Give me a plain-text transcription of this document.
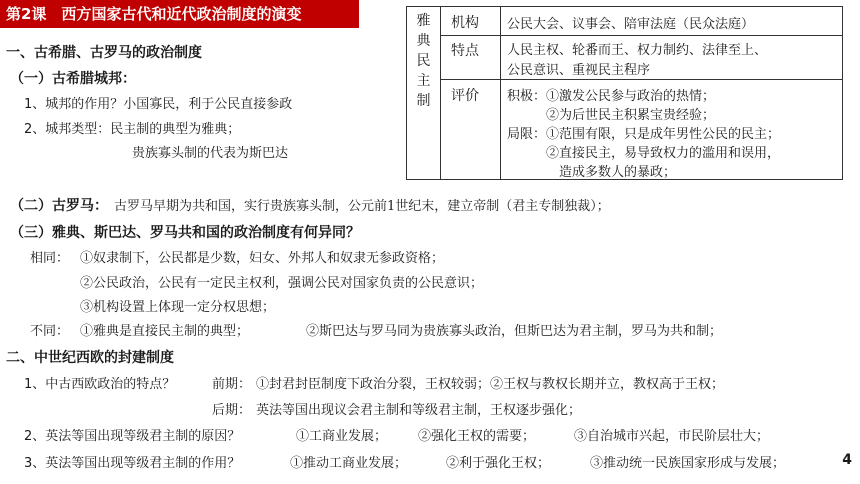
第2课　西方国家古代和近代政治制度的演变
一、古希腊、古罗马的政治制度
（一）古希腊城邦：
1、城邦的作用？小国寡民，利于公民直接参政
2、城邦类型：民主制的典型为雅典；
贵族寡头制的代表为斯巴达
雅
典
民
主
制
机构 公民大会、议事会、陪审法庭（民众法庭）
特点 人民主权、轮番而王、权力制约、法律至上、
公民意识、重视民主程序
评价 积极：①激发公民参与政治的热情；
　　　②为后世民主积累宝贵经验；
局限：①范围有限，只是成年男性公民的民主；
　　　②直接民主，易导致权力的滥用和误用，
　　　　造成多数人的暴政；
（二）古罗马： 古罗马早期为共和国，实行贵族寡头制，公元前1世纪末，建立帝制（君主专制独裁）；
（三）雅典、斯巴达、罗马共和国的政治制度有何异同？
相同： ①奴隶制下，公民都是少数，妇女、外邦人和奴隶无参政资格；
②公民政治，公民有一定民主权利，强调公民对国家负责的公民意识；
③机构设置上体现一定分权思想；
不同： ①雅典是直接民主制的典型；	②斯巴达与罗马同为贵族寡头政治，但斯巴达为君主制，罗马为共和制；
二、中世纪西欧的封建制度
1、中古西欧政治的特点？	前期： ①封君封臣制度下政治分裂，王权较弱；②王权与教权长期并立，教权高于王权；
后期： 英法等国出现议会君主制和等级君主制，王权逐步强化；
2、英法等国出现等级君主制的原因？	①工商业发展； ②强化王权的需要；	③自治城市兴起，市民阶层壮大；
3、英法等国出现等级君主制的作用？	①推动工商业发展；	②利于强化王权；	③推动统一民族国家形成与发展；	4
